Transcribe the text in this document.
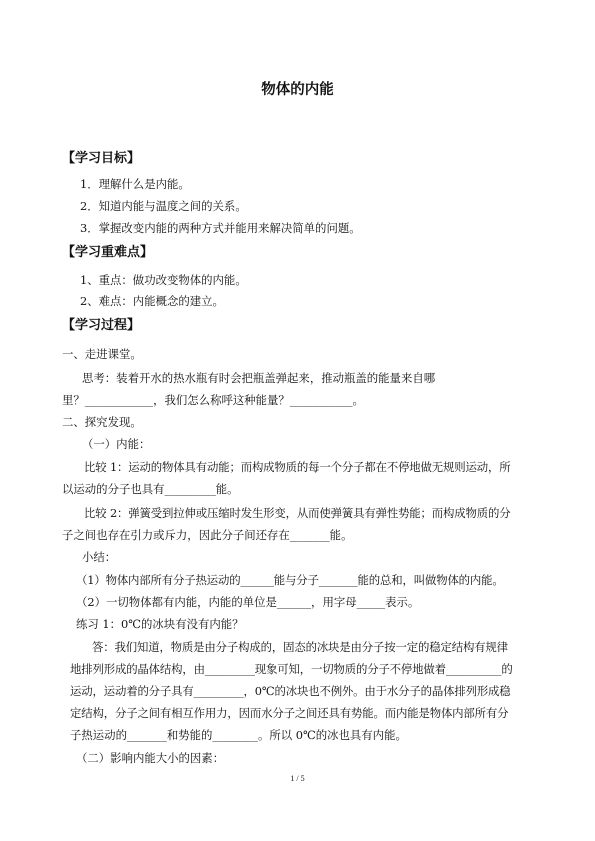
物体的内能
【学习目标】
1．理解什么是内能。
2．知道内能与温度之间的关系。
3．掌握改变内能的两种方式并能用来解决简单的问题。
【学习重难点】
1、重点：做功改变物体的内能。
2、难点：内能概念的建立。
【学习过程】
一、走进课堂。
思考：装着开水的热水瓶有时会把瓶盖弹起来，推动瓶盖的能量来自哪
里？____________，我们怎么称呼这种能量？___________。
二、探究发现。
（一）内能：
比较 1：运动的物体具有动能；而构成物质的每一个分子都在不停地做无规则运动，所
以运动的分子也具有_________能。
比较 2：弹簧受到拉伸或压缩时发生形变，从而使弹簧具有弹性势能；而构成物质的分
子之间也存在引力或斥力，因此分子间还存在_______能。
小结：
（1）物体内部所有分子热运动的______能与分子_______能的总和，叫做物体的内能。
（2）一切物体都有内能，内能的单位是______，用字母_____表示。
练习 1：0℃的冰块有没有内能？
答：我们知道，物质是由分子构成的，固态的冰块是由分子按一定的稳定结构有规律
地排列形成的晶体结构，由_________现象可知，一切物质的分子不停地做着__________的
运动，运动着的分子具有_________，0℃的冰块也不例外。由于水分子的晶体排列形成稳
定结构，分子之间有相互作用力，因而水分子之间还具有势能。而内能是物体内部所有分
子热运动的_______和势能的________。所以 0℃的冰也具有内能。
（二）影响内能大小的因素：
1 / 5
